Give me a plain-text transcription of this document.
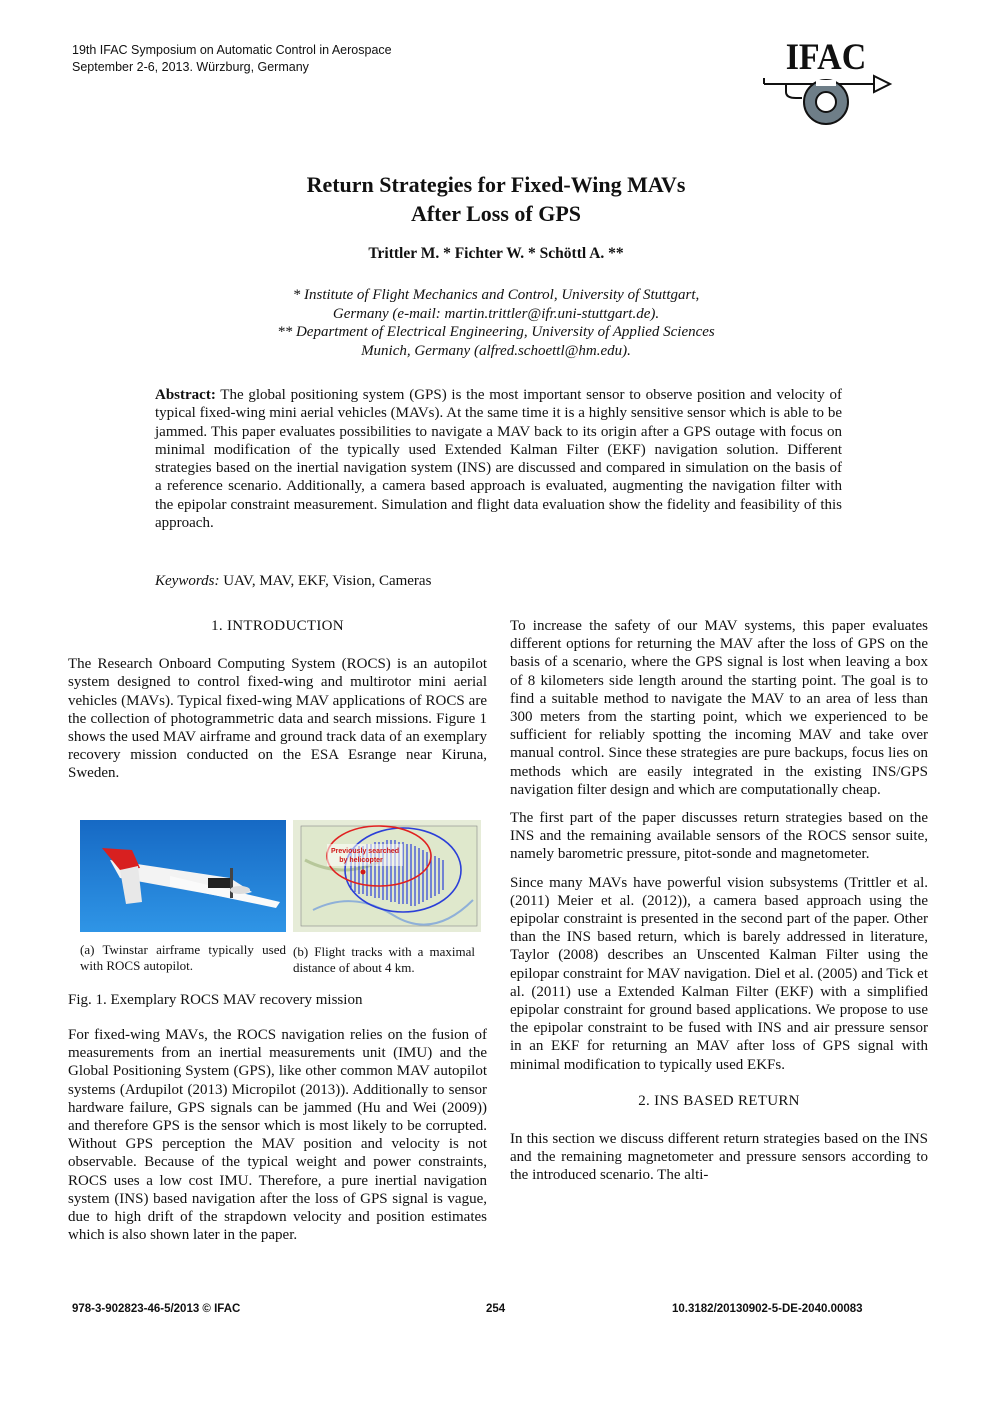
19th IFAC Symposium on Automatic Control in Aerospace
September 2-6, 2013. Würzburg, Germany	IFAC
Return Strategies for Fixed-Wing MAVs
After Loss of GPS
Trittler M. * Fichter W. * Schöttl A. **
* Institute of Flight Mechanics and Control, University of Stuttgart,
Germany (e-mail: martin.trittler@ifr.uni-stuttgart.de).
** Department of Electrical Engineering, University of Applied Sciences
Munich, Germany (alfred.schoettl@hm.edu).
Abstract: The global positioning system (GPS) is the most important sensor to observe position and velocity of typical fixed-wing mini aerial vehicles (MAVs). At the same time it is a highly sensitive sensor which is able to be jammed. This paper evaluates possibilities to navigate a MAV back to its origin after a GPS outage with focus on minimal modification of the typically used Extended Kalman Filter (EKF) navigation solution. Different strategies based on the inertial navigation system (INS) are discussed and compared in simulation on the basis of a reference scenario. Additionally, a camera based approach is evaluated, augmenting the navigation filter with the epipolar constraint measurement. Simulation and flight data evaluation show the fidelity and feasibility of this approach.
Keywords: UAV, MAV, EKF, Vision, Cameras
1. INTRODUCTION

The Research Onboard Computing System (ROCS) is an autopilot system designed to control fixed-wing and multirotor mini aerial vehicles (MAVs). Typical fixed-wing MAV applications of ROCS are the collection of photogrammetric data and search missions. Figure 1 shows the used MAV airframe and ground track data of an exemplary recovery mission conducted on the ESA Esrange near Kiruna, Sweden.

Previously searched
by helicopter
(a) Twinstar airframe typically used with ROCS autopilot.
(b) Flight tracks with a maximal distance of about 4 km.
Fig. 1. Exemplary ROCS MAV recovery mission

For fixed-wing MAVs, the ROCS navigation relies on the fusion of measurements from an inertial measurements unit (IMU) and the Global Positioning System (GPS), like other common MAV autopilot systems (Ardupilot (2013) Micropilot (2013)). Additionally to sensor hardware failure, GPS signals can be jammed (Hu and Wei (2009)) and therefore GPS is the sensor which is most likely to be corrupted. Without GPS perception the MAV position and velocity is not observable. Because of the typical weight and power constraints, ROCS uses a low cost IMU. Therefore, a pure inertial navigation system (INS) based navigation after the loss of GPS signal is vague, due to high drift of the strapdown velocity and position estimates which is also shown later in the paper.

To increase the safety of our MAV systems, this paper evaluates different options for returning the MAV after the loss of GPS on the basis of a scenario, where the GPS signal is lost when leaving a box of 8 kilometers side length around the starting point. The goal is to find a suitable method to navigate the MAV to an area of less than 300 meters from the starting point, which we experienced to be sufficient for reliably spotting the incoming MAV and take over manual control. Since these strategies are pure backups, focus lies on methods which are easily integrated in the existing INS/GPS navigation filter design and which are computationally cheap.

The first part of the paper discusses return strategies based on the INS and the remaining available sensors of the ROCS sensor suite, namely barometric pressure, pitot-sonde and magnetometer.

Since many MAVs have powerful vision subsystems (Trittler et al. (2011) Meier et al. (2012)), a camera based approach using the epipolar constraint is presented in the second part of the paper. Other than the INS based return, which is barely addressed in literature, Taylor (2008) describes an Unscented Kalman Filter using the epilopar constraint for MAV navigation. Diel et al. (2005) and Tick et al. (2011) use a Extended Kalman Filter (EKF) with a simplified epipolar constraint for ground based applications. We propose to use the epipolar constraint to be fused with INS and air pressure sensor in an EKF for returning an MAV after loss of GPS signal with minimal modification to typically used EKFs.

2. INS BASED RETURN

In this section we discuss different return strategies based on the INS and the remaining magnetometer and pressure sensors according to the introduced scenario. The alti-

978-3-902823-46-5/2013 © IFAC	254	10.3182/20130902-5-DE-2040.00083
